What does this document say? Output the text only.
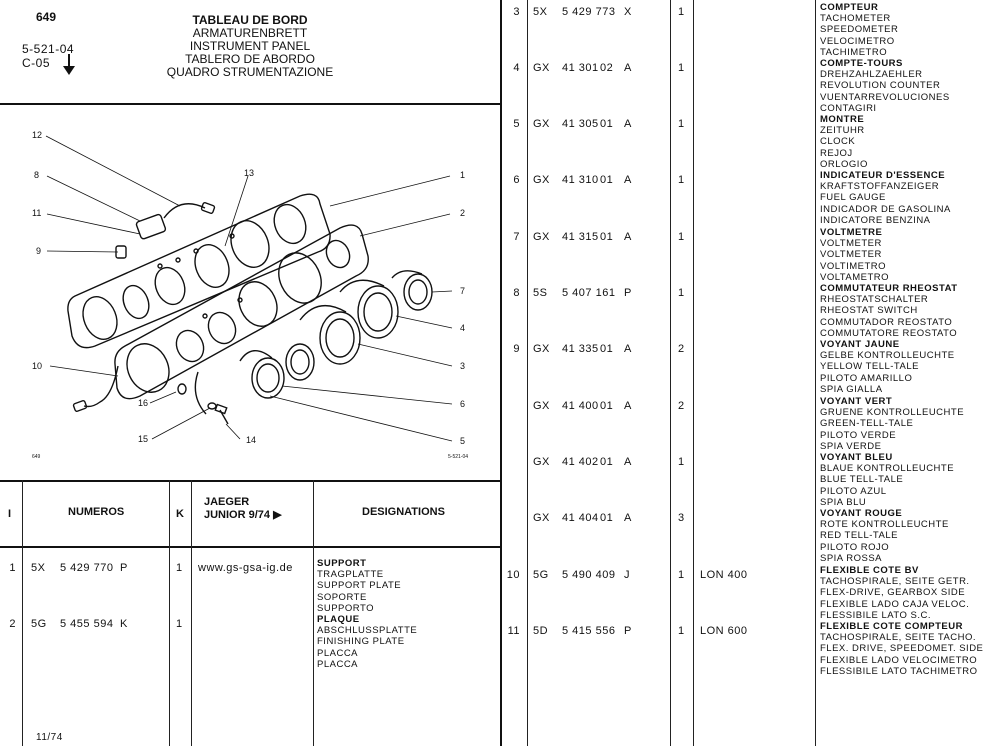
649
5-521-04
C-05
TABLEAU DE BORD
ARMATURENBRETT
INSTRUMENT PANEL
TABLERO DE ABORDO
QUADRO STRUMENTAZIONE
12
8
11
9
10
13	1
2
7
4
3
6
5
16
15	14
649	5-521-04
I	NUMEROS	K
JAEGER
JUNIOR 9/74 ▶	DESIGNATIONS
1 5X 5 429 770 P	1 www.gs-gsa-ig.de	SUPPORT
TRAGPLATTE
SUPPORT PLATE
SOPORTE
SUPPORTO
2 5G 5 455 594 K	1	PLAQUE
ABSCHLUSSPLATTE
FINISHING PLATE
PLACCA
PLACCA
11/74
3 5X 5 429 773 X	1	COMPTEUR
TACHOMETER
SPEEDOMETER
VELOCIMETRO
TACHIMETRO
4 GX 41 301 02 A	1	COMPTE-TOURS
DREHZAHLZAEHLER
REVOLUTION COUNTER
VUENTARREVOLUCIONES
CONTAGIRI
5 GX 41 305 01 A	1	MONTRE
ZEITUHR
CLOCK
REJOJ
ORLOGIO
6 GX 41 310 01 A	1	INDICATEUR D'ESSENCE
KRAFTSTOFFANZEIGER
FUEL GAUGE
INDICADOR DE GASOLINA
INDICATORE BENZINA
7 GX 41 315 01 A	1	VOLTMETRE
VOLTMETER
VOLTMETER
VOLTIMETRO
VOLTAMETRO
8 5S 5 407 161 P	1	COMMUTATEUR RHEOSTAT
RHEOSTATSCHALTER
RHEOSTAT SWITCH
COMMUTADOR REOSTATO
COMMUTATORE REOSTATO
9 GX 41 335 01 A	2	VOYANT JAUNE
GELBE KONTROLLEUCHTE
YELLOW TELL-TALE
PILOTO AMARILLO
SPIA GIALLA
GX 41 400 01 A	2	VOYANT VERT
GRUENE KONTROLLEUCHTE
GREEN-TELL-TALE
PILOTO VERDE
SPIA VERDE
GX 41 402 01 A	1	VOYANT BLEU
BLAUE KONTROLLEUCHTE
BLUE TELL-TALE
PILOTO AZUL
SPIA BLU
GX 41 404 01 A	3	VOYANT ROUGE
ROTE KONTROLLEUCHTE
RED TELL-TALE
PILOTO ROJO
SPIA ROSSA
10 5G 5 490 409 J	1 LON 400	FLEXIBLE COTE BV
TACHOSPIRALE, SEITE GETR.
FLEX-DRIVE, GEARBOX SIDE
FLEXIBLE LADO CAJA VELOC.
FLESSIBILE LATO S.C.
11 5D 5 415 556 P	1 LON 600	FLEXIBLE COTE COMPTEUR
TACHOSPIRALE, SEITE TACHO.
FLEX. DRIVE, SPEEDOMET. SIDE
FLEXIBLE LADO VELOCIMETRO
FLESSIBILE LATO TACHIMETRO
